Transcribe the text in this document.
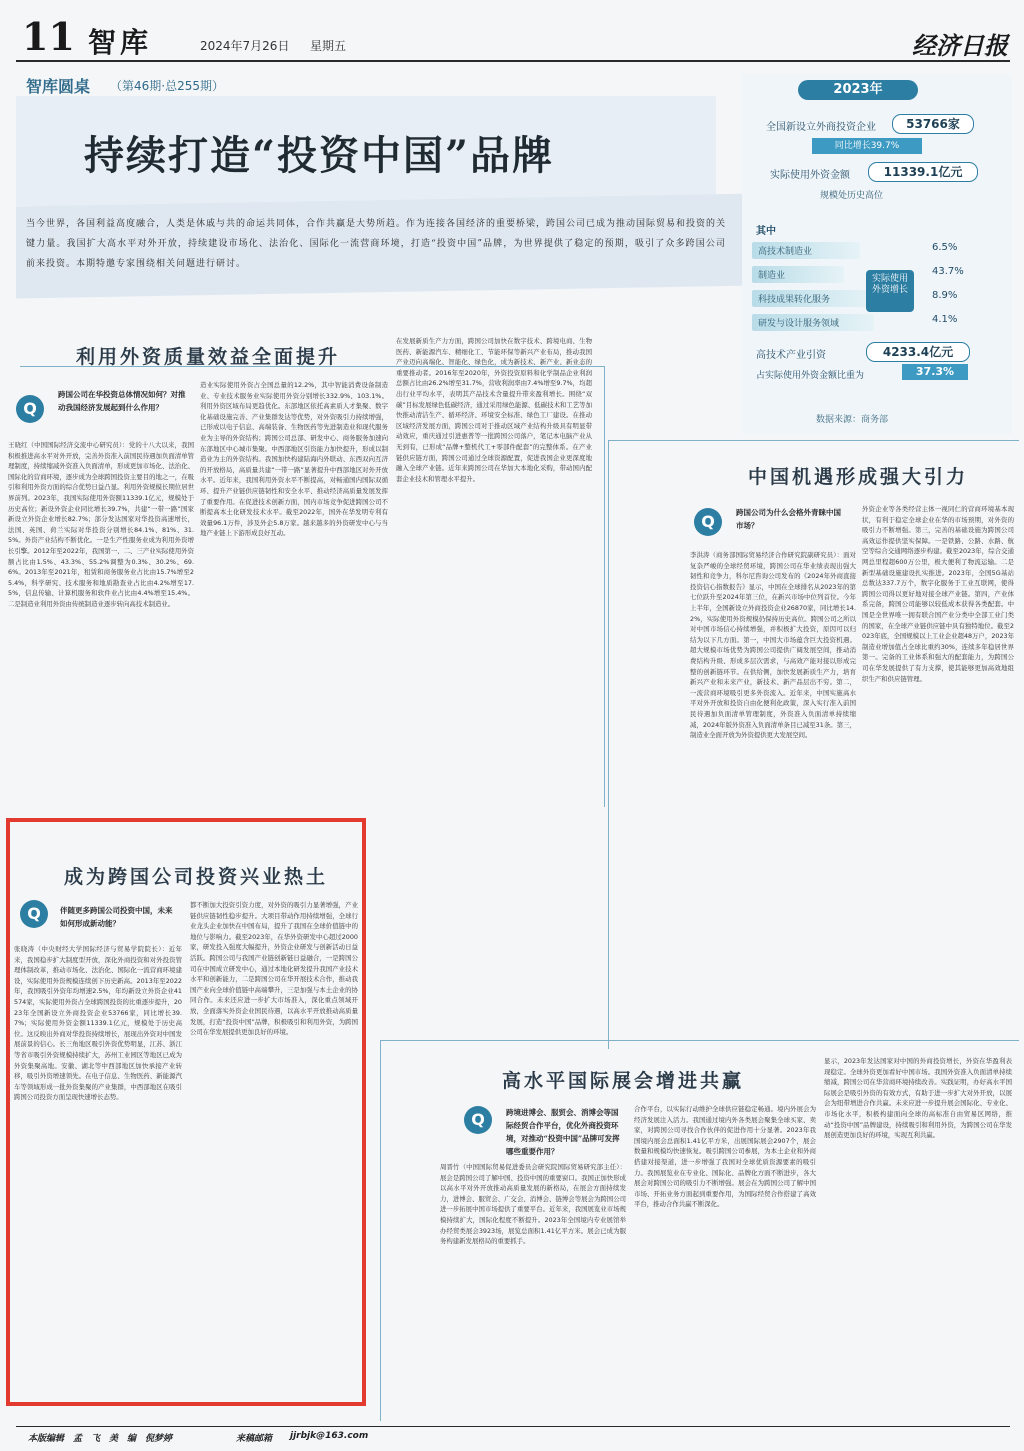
11 智库	2024年7月26日 星期五	经济日报
智库圆桌 （第46期·总255期）
持续打造“投资中国”品牌
当今世界，各国利益高度融合，人类是休戚与共的命运共同体，合作共赢是大势所趋。作为连接各国经济的重要桥梁，跨国公司已成为推动国际贸易和投资的关键力量。我国扩大高水平对外开放，持续建设市场化、法治化、国际化一流营商环境，打造“投资中国”品牌，为世界提供了稳定的预期，吸引了众多跨国公司前来投资。本期特邀专家围绕相关问题进行研讨。
2023年
全国新设立外商投资企业	53766家
同比增长39.7%
实际使用外资金额	11339.1亿元
规模处历史高位
其中
高技术制造业	6.5%
制造业	43.7%
科技成果转化服务	8.9%
研发与设计服务领域	4.1%
实际使用外资增长
高技术产业引资	4233.4亿元
占实际使用外资金额比重为	37.3%
数据来源：商务部
利用外资质量效益全面提升
Q
跨国公司在华投资总体情况如何？对推动我国经济发展起到什么作用？
王晓红（中国国际经济交流中心研究员）：党的十八大以来，我国积极推进高水平对外开放，完善外资准入前国民待遇加负面清单管理制度，持续缩减外资准入负面清单，形成更加市场化、法治化、国际化的营商环境，逐步成为全球跨国投资主要目的地之一，在吸引和利用外资方面的综合优势日益凸显。利用外资规模长期位居世界前列。2023年，我国实际使用外资额11339.1亿元，规模处于历史高位；新设外资企业同比增长39.7%，共建“一带一路”国家新设立外资企业增长82.7%；部分发达国家对华投资高速增长，法国、英国、荷兰实际对华投资分别增长84.1%、81%、31.5%。外资产业结构不断优化。一是生产性服务业成为利用外资增长引擎。2012年至2022年，我国第一、二、三产业实际使用外资额占比由1.5%、43.3%、55.2%调整为0.3%、30.2%、69.6%。2013年至2021年，租赁和商务服务业占比由15.7%增至25.4%，科学研究、技术服务和地质勘查业占比由4.2%增至17.5%，信息传输、计算机服务和软件业占比由4.4%增至15.4%。二是制造业利用外资由传统制造业逐步转向高技术制造业。
造业实际使用外资占全国总量的12.2%，其中智能消费设备制造业、专业技术服务业实际使用外资分别增长332.9%、103.1%。利用外资区域布局更趋优化。东部地区依托高素质人才集聚、数字化基础设施完善、产业集群发达等优势，对外资吸引力持续增强，已形成以电子信息、高端装备、生物医药等先进制造业和现代服务业为主导的外资结构；跨国公司总部、研发中心、商务服务加速向东部地区中心城市集聚。中西部地区引资能力加快提升，形成以制造业为主的外资结构。我国加快构建陆海内外联动、东西双向互济的开放格局，高质量共建“一带一路”显著提升中西部地区对外开放水平。近年来，我国利用外资水平不断提高，对畅通国内国际双循环、提升产业链供应链韧性和安全水平、推动经济高质量发展发挥了重要作用。在促进技术创新方面，国内市场竞争促进跨国公司不断提高本土化研发技术水平。截至2022年，国外在华发明专利有效量96.1万件，涉及外企5.8万家。越来越多的外资研发中心与当地产业链上下游形成良好互动。
在发展新质生产力方面，跨国公司加快在数字技术、跨境电商、生物医药、新能源汽车、精细化工、节能环保等新兴产业布局，推动我国产业迈向高端化、智能化、绿色化，成为新技术、新产业、新业态的重要推动者。2016年至2020年，外资投资原料和化学制品企业利润总额占比由26.2%增至31.7%，营收利润率由7.4%增至9.7%，均超出行业平均水平，表明其产品技术含量提升带来盈利增长。围绕“双碳”目标发展绿色低碳经济，通过采用绿色能源、低碳技术和工艺等加快推动清洁生产、循环经济、环境安全标准、绿色工厂建设。在推动区域经济发展方面，跨国公司对于推动区域产业结构升级具有明显带动效应，重庆通过引进惠普等一批跨国公司落户，笔记本电脑产业从无到有，已形成“品牌+整机代工+零部件配套”的完整体系。在产业链供应链方面，跨国公司通过全球资源配置，促进我国企业更深度地融入全球产业链。近年来跨国公司在华加大本地化采购，带动国内配套企业技术和管理水平提升。	中国机遇形成强大引力
Q	跨国公司为什么会格外青睐中国市场？
李洪涛（商务部国际贸易经济合作研究院副研究员）：面对复杂严峻的全球经贸环境，跨国公司在华业绩表现出强大韧性和竞争力，科尔尼咨询公司发布的《2024年外商直接投资信心指数报告》显示，中国在全球排名从2023年的第七位跃升至2024年第三位，在新兴市场中位列首位。今年上半年，全国新设立外商投资企业26870家，同比增长14.2%，实际使用外资规模仍保持历史高位。跨国公司之所以对中国市场信心持续增强，并积极扩大投资，原因可以归结为以下几方面。第一，中国大市场蕴含巨大投资机遇。超大规模市场优势为跨国公司提供广阔发展空间，推动消费结构升级、形成多层次需求，与高效产能对接以形成完整的创新链环节。在供给侧，加快发展新质生产力，培育新兴产业和未来产业，新技术、新产品层出不穷。第二，一流营商环境吸引更多外资流入。近年来，中国实施高水平对外开放和投资自由化便利化政策，深入实行准入前国民待遇加负面清单管理制度，外资准入负面清单持续缩减，2024年版外资准入负面清单条目已减至31条。第三，制造业全面开放为外资提供更大发展空间。
外资企业等各类经营主体一视同仁的营商环境基本现状，有利于稳定全球企业在华的市场预期，对外资的吸引力不断增强。第三，完善的基础设施为跨国公司高效运作提供坚实保障。一是铁路、公路、水路、航空等综合交通网络逐步构建。截至2023年，综合交通网总里程超600万公里，极大便利了物流运输。二是新型基础设施建设扎实推进。2023年，全国5G基站总数达337.7万个，数字化服务于工业互联网，使得跨国公司得以更好地对接全球产业链。第四，产业体系完备，跨国公司能够以较低成本获得各类配套。中国是全世界唯一拥有联合国产业分类中全部工业门类的国家，在全球产业链供应链中具有独特地位。截至2023年底，全国规模以上工业企业超48万户，2023年制造业增加值占全球比重约30%，连续多年稳居世界第一。完备的工业体系和强大的配套能力，为跨国公司在华发展提供了有力支撑，使其能够更加高效地组织生产和供应链管理。
成为跨国公司投资兴业热土
Q	伴随更多跨国公司投资中国，未来如何形成新动能？
张晓涛（中央财经大学国际经济与贸易学院院长）：近年来，我国稳步扩大制度型开放，深化外商投资和对外投资管理体制改革，推动市场化、法治化、国际化一流营商环境建设，实际使用外资规模连续创下历史新高。2013年至2022年，我国吸引外资年均增速2.5%，年均新设立外资企业41574家，实际使用外资占全球跨国投资的比重逐步提升，2023年全国新设立外商投资企业53766家，同比增长39.7%；实际使用外资金额11339.1亿元，规模处于历史高位。这反映出外商对华投资持续增长，展现出外资对中国发展前景的信心。长三角地区吸引外资优势明显，江苏、浙江等省市吸引外资规模持续扩大，苏州工业园区等地区已成为外资集聚高地。安徽、湖北等中西部地区加快承接产业转移，吸引外资增速领先。在电子信息、生物医药、新能源汽车等领域形成一批外资集聚的产业集群，中西部地区在吸引跨国公司投资方面呈现快速增长态势。
都不断加大投资引资力度，对外资的吸引力显著增强，产业链供应链韧性稳步提升。大项目带动作用持续增强，全球行业龙头企业加快在中国布局，提升了我国在全球价值链中的地位与影响力。截至2023年，在华外资研发中心超过2000家，研发投入强度大幅提升，外资企业研发与创新活动日益活跃。跨国公司与我国产业链创新链日益融合，一是跨国公司在中国成立研发中心，通过本地化研发提升我国产业技术水平和创新能力，二是跨国公司在华开展技术合作，推动我国产业向全球价值链中高端攀升，三是加强与本土企业的协同合作。未来还应进一步扩大市场准入，深化重点领域开放，全面落实外资企业国民待遇，以高水平开放推动高质量发展，打造“投资中国”品牌，积极吸引和利用外资，为跨国公司在华发展提供更加良好的环境。
高水平国际展会增进共赢
Q	跨境进博会、服贸会、消博会等国际经贸合作平台，优化外商投资环境，对推动“投资中国”品牌可发挥哪些重要作用？
周晋竹（中国国际贸易促进委员会研究院国际贸易研究部主任）：展会是跨国公司了解中国、投资中国的重要窗口。我国正加快形成以高水平对外开放推动高质量发展的新格局，在展会方面持续发力，进博会、服贸会、广交会、消博会、链博会等展会为跨国公司进一步拓展中国市场提供了重要平台。近年来，我国展览业市场规模持续扩大，国际化程度不断提升。2023年全国境内专业展馆举办经贸类展会3923场，展览总面积1.41亿平方米。展会已成为服务构建新发展格局的重要抓手。
合作平台，以实际行动维护全球供应链稳定畅通。境内外展会为经济发展注入活力。我国通过境内外各类展会聚集全球买家、卖家，对跨国公司寻找合作伙伴的促进作用十分显著。2023年我国境内展会总面积1.41亿平方米，出展国际展会2907个，展会数量和规模均快速恢复。吸引跨国公司参展，为本土企业和外商搭建对接渠道，进一步增强了我国对全球优质资源要素的吸引力。我国展览业在专业化、国际化、品牌化方面不断进步，各大展会对跨国公司的吸引力不断增强。展会在为跨国公司了解中国市场、开拓业务方面起到重要作用，为国际经贸合作搭建了高效平台，推动合作共赢不断深化。
显示，2023年发达国家对中国的外商投资增长，外资在华盈利表现稳定。全球外资更加看好中国市场。我国外资准入负面清单持续缩减，跨国公司在华营商环境持续改善。实践证明，办好高水平国际展会是吸引外资的有效方式，有助于进一步扩大对外开放，以展会为纽带增进合作共赢。未来应进一步提升展会国际化、专业化、市场化水平，积极构建面向全球的高标准自由贸易区网络，推动“投资中国”品牌建设，持续吸引和利用外资，为跨国公司在华发展创造更加良好的环境，实现互利共赢。
本版编辑　孟　飞　美　编　倪梦婷	来稿邮箱 jjrbjk@163.com
